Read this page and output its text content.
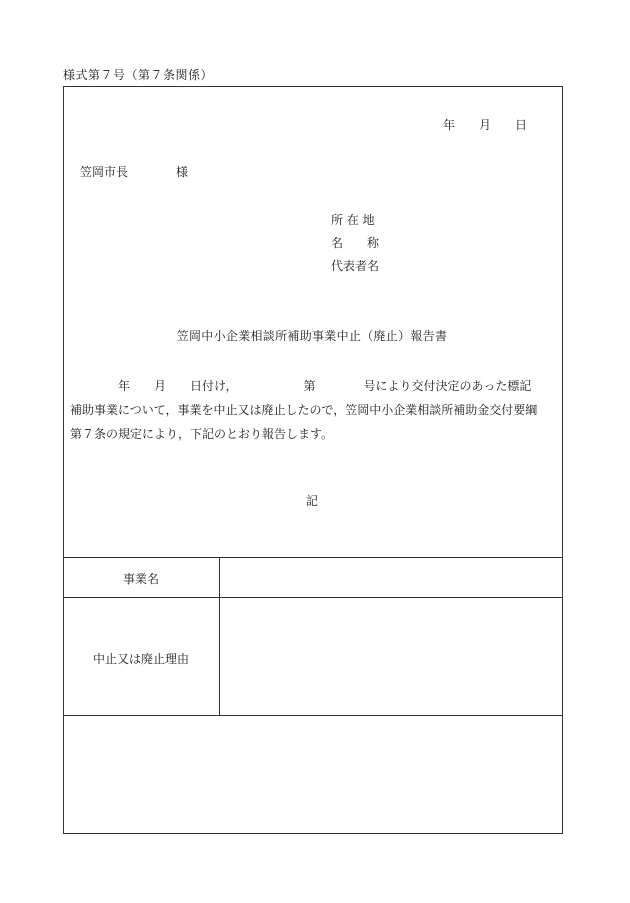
様式第７号（第７条関係）
年　　月　　日
笠岡市長　　　　様
所 在 地
名　　称
代表者名
笠岡中小企業相談所補助事業中止（廃止）報告書
　　　　年　　月　　日付け，　　　　　　第　　　　号により交付決定のあった標記
補助事業について，事業を中止又は廃止したので，笠岡中小企業相談所補助金交付要綱
第７条の規定により，下記のとおり報告します。
記
事業名
中止又は廃止理由
